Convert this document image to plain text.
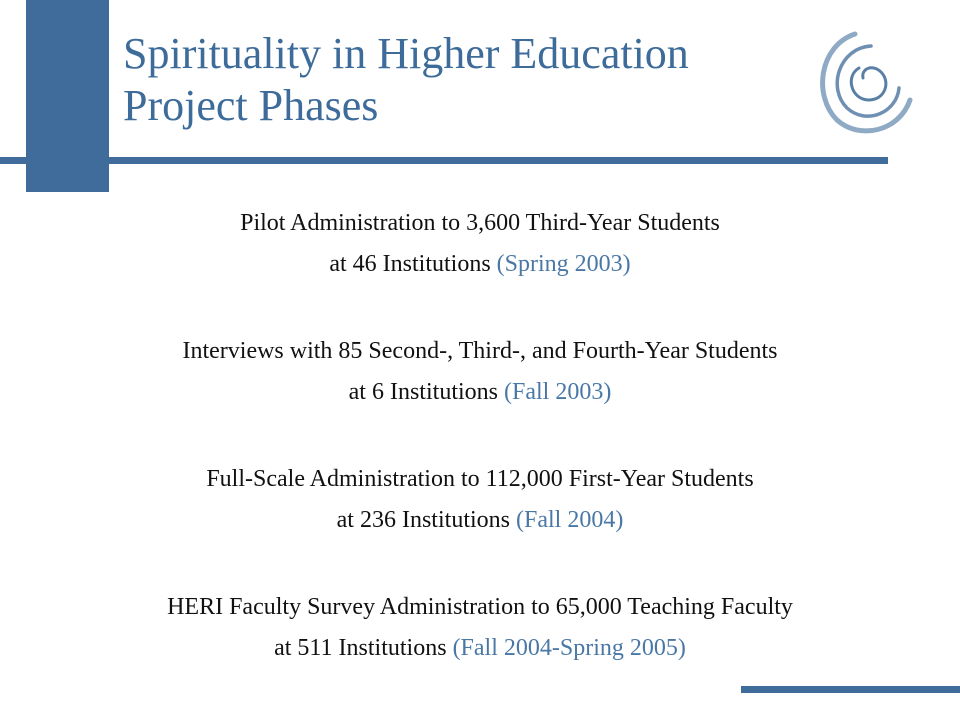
Spirituality in Higher Education
Project Phases
Pilot Administration to 3,600 Third-Year Students
at 46 Institutions (Spring 2003)
Interviews with 85 Second-, Third-, and Fourth-Year Students
at 6 Institutions (Fall 2003)
Full-Scale Administration to 112,000 First-Year Students
at 236 Institutions (Fall 2004)
HERI Faculty Survey Administration to 65,000 Teaching Faculty
at 511 Institutions (Fall 2004-Spring 2005)
